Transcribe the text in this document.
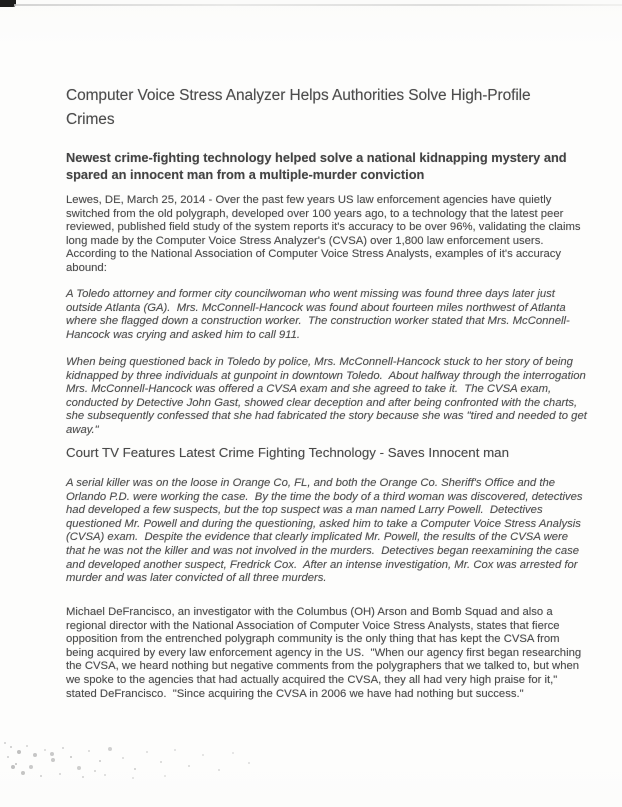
Computer Voice Stress Analyzer Helps Authorities Solve High-Profile Crimes
Newest crime-fighting technology helped solve a national kidnapping mystery and spared an innocent man from a multiple-murder conviction

Lewes, DE, March 25, 2014 - Over the past few years US law enforcement agencies have quietly switched from the old polygraph, developed over 100 years ago, to a technology that the latest peer reviewed, published field study of the system reports it's accuracy to be over 96%, validating the claims long made by the Computer Voice Stress Analyzer's (CVSA) over 1,800 law enforcement users.  According to the National Association of Computer Voice Stress Analysts, examples of it's accuracy abound:

A Toledo attorney and former city councilwoman who went missing was found three days later just outside Atlanta (GA).  Mrs. McConnell-Hancock was found about fourteen miles northwest of Atlanta where she flagged down a construction worker.  The construction worker stated that Mrs. McConnell-Hancock was crying and asked him to call 911.

When being questioned back in Toledo by police, Mrs. McConnell-Hancock stuck to her story of being kidnapped by three individuals at gunpoint in downtown Toledo.  About halfway through the interrogation Mrs. McConnell-Hancock was offered a CVSA exam and she agreed to take it.  The CVSA exam, conducted by Detective John Gast, showed clear deception and after being confronted with the charts, she subsequently confessed that she had fabricated the story because she was "tired and needed to get away."

Court TV Features Latest Crime Fighting Technology - Saves Innocent man

A serial killer was on the loose in Orange Co, FL, and both the Orange Co. Sheriff's Office and the Orlando P.D. were working the case.  By the time the body of a third woman was discovered, detectives had developed a few suspects, but the top suspect was a man named Larry Powell.  Detectives questioned Mr. Powell and during the questioning, asked him to take a Computer Voice Stress Analysis (CVSA) exam.  Despite the evidence that clearly implicated Mr. Powell, the results of the CVSA were that he was not the killer and was not involved in the murders.  Detectives began reexamining the case and developed another suspect, Fredrick Cox.  After an intense investigation, Mr. Cox was arrested for murder and was later convicted of all three murders.

Michael DeFrancisco, an investigator with the Columbus (OH) Arson and Bomb Squad and also a regional director with the National Association of Computer Voice Stress Analysts, states that fierce opposition from the entrenched polygraph community is the only thing that has kept the CVSA from being acquired by every law enforcement agency in the US.  "When our agency first began researching the CVSA, we heard nothing but negative comments from the polygraphers that we talked to, but when we spoke to the agencies that had actually acquired the CVSA, they all had very high praise for it," stated DeFrancisco.  "Since acquiring the CVSA in 2006 we have had nothing but success."
